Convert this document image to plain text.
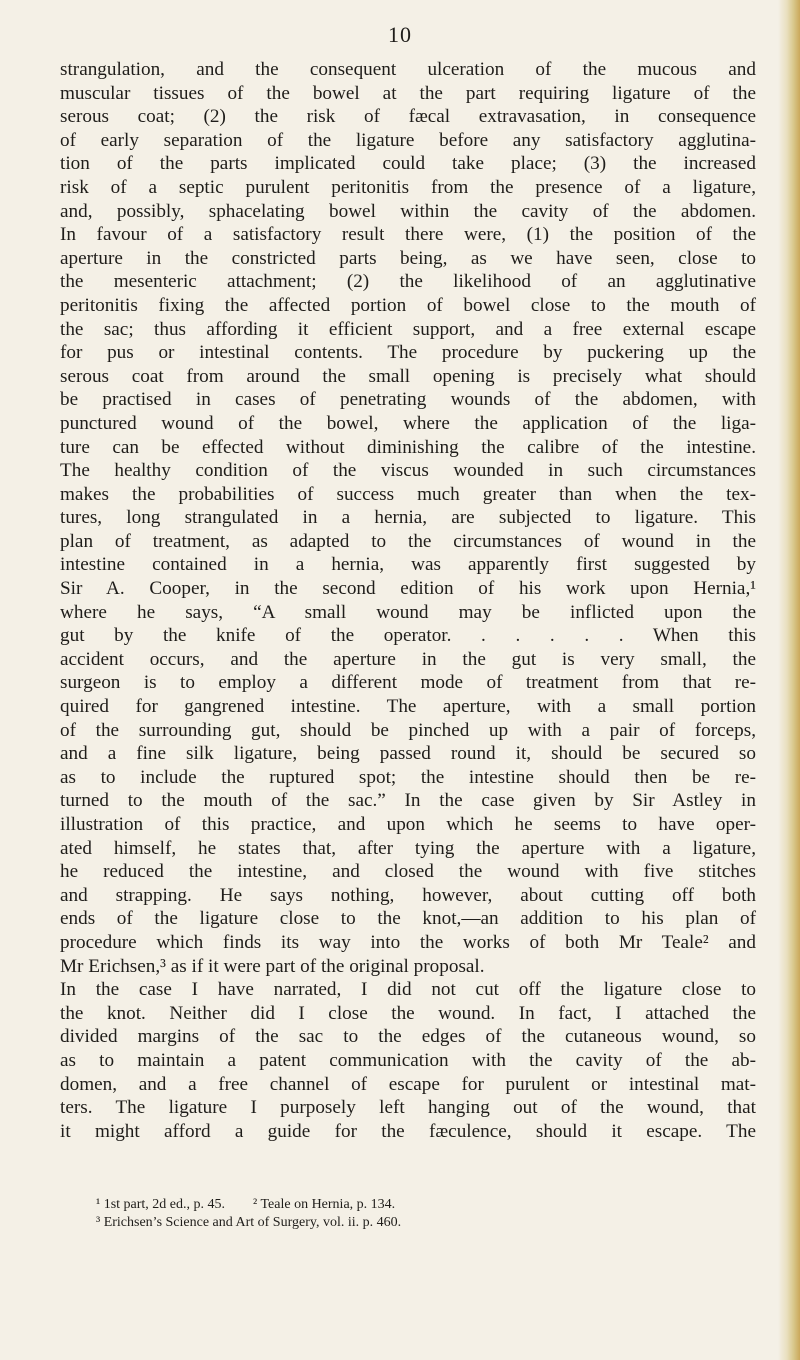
10
strangulation, and the consequent ulceration of the mucous and
muscular tissues of the bowel at the part requiring ligature of the
serous coat; (2) the risk of fæcal extravasation, in consequence
of early separation of the ligature before any satisfactory agglutina-
tion of the parts implicated could take place; (3) the increased
risk of a septic purulent peritonitis from the presence of a ligature,
and, possibly, sphacelating bowel within the cavity of the abdomen.
In favour of a satisfactory result there were, (1) the position of the
aperture in the constricted parts being, as we have seen, close to
the mesenteric attachment; (2) the likelihood of an agglutinative
peritonitis fixing the affected portion of bowel close to the mouth of
the sac; thus affording it efficient support, and a free external escape
for pus or intestinal contents. The procedure by puckering up the
serous coat from around the small opening is precisely what should
be practised in cases of penetrating wounds of the abdomen, with
punctured wound of the bowel, where the application of the liga-
ture can be effected without diminishing the calibre of the intestine.
The healthy condition of the viscus wounded in such circumstances
makes the probabilities of success much greater than when the tex-
tures, long strangulated in a hernia, are subjected to ligature. This
plan of treatment, as adapted to the circumstances of wound in the
intestine contained in a hernia, was apparently first suggested by
Sir A. Cooper, in the second edition of his work upon Hernia,¹
where he says, “A small wound may be inflicted upon the
gut by the knife of the operator. . . . . . When this
accident occurs, and the aperture in the gut is very small, the
surgeon is to employ a different mode of treatment from that re-
quired for gangrened intestine. The aperture, with a small portion
of the surrounding gut, should be pinched up with a pair of forceps,
and a fine silk ligature, being passed round it, should be secured so
as to include the ruptured spot; the intestine should then be re-
turned to the mouth of the sac.” In the case given by Sir Astley in
illustration of this practice, and upon which he seems to have oper-
ated himself, he states that, after tying the aperture with a ligature,
he reduced the intestine, and closed the wound with five stitches
and strapping. He says nothing, however, about cutting off both
ends of the ligature close to the knot,—an addition to his plan of
procedure which finds its way into the works of both Mr Teale² and
Mr Erichsen,³ as if it were part of the original proposal.
In the case I have narrated, I did not cut off the ligature close to
the knot. Neither did I close the wound. In fact, I attached the
divided margins of the sac to the edges of the cutaneous wound, so
as to maintain a patent communication with the cavity of the ab-
domen, and a free channel of escape for purulent or intestinal mat-
ters. The ligature I purposely left hanging out of the wound, that
it might afford a guide for the fæculence, should it escape. The
¹ 1st part, 2d ed., p. 45.        ² Teale on Hernia, p. 134.
³ Erichsen’s Science and Art of Surgery, vol. ii. p. 460.
